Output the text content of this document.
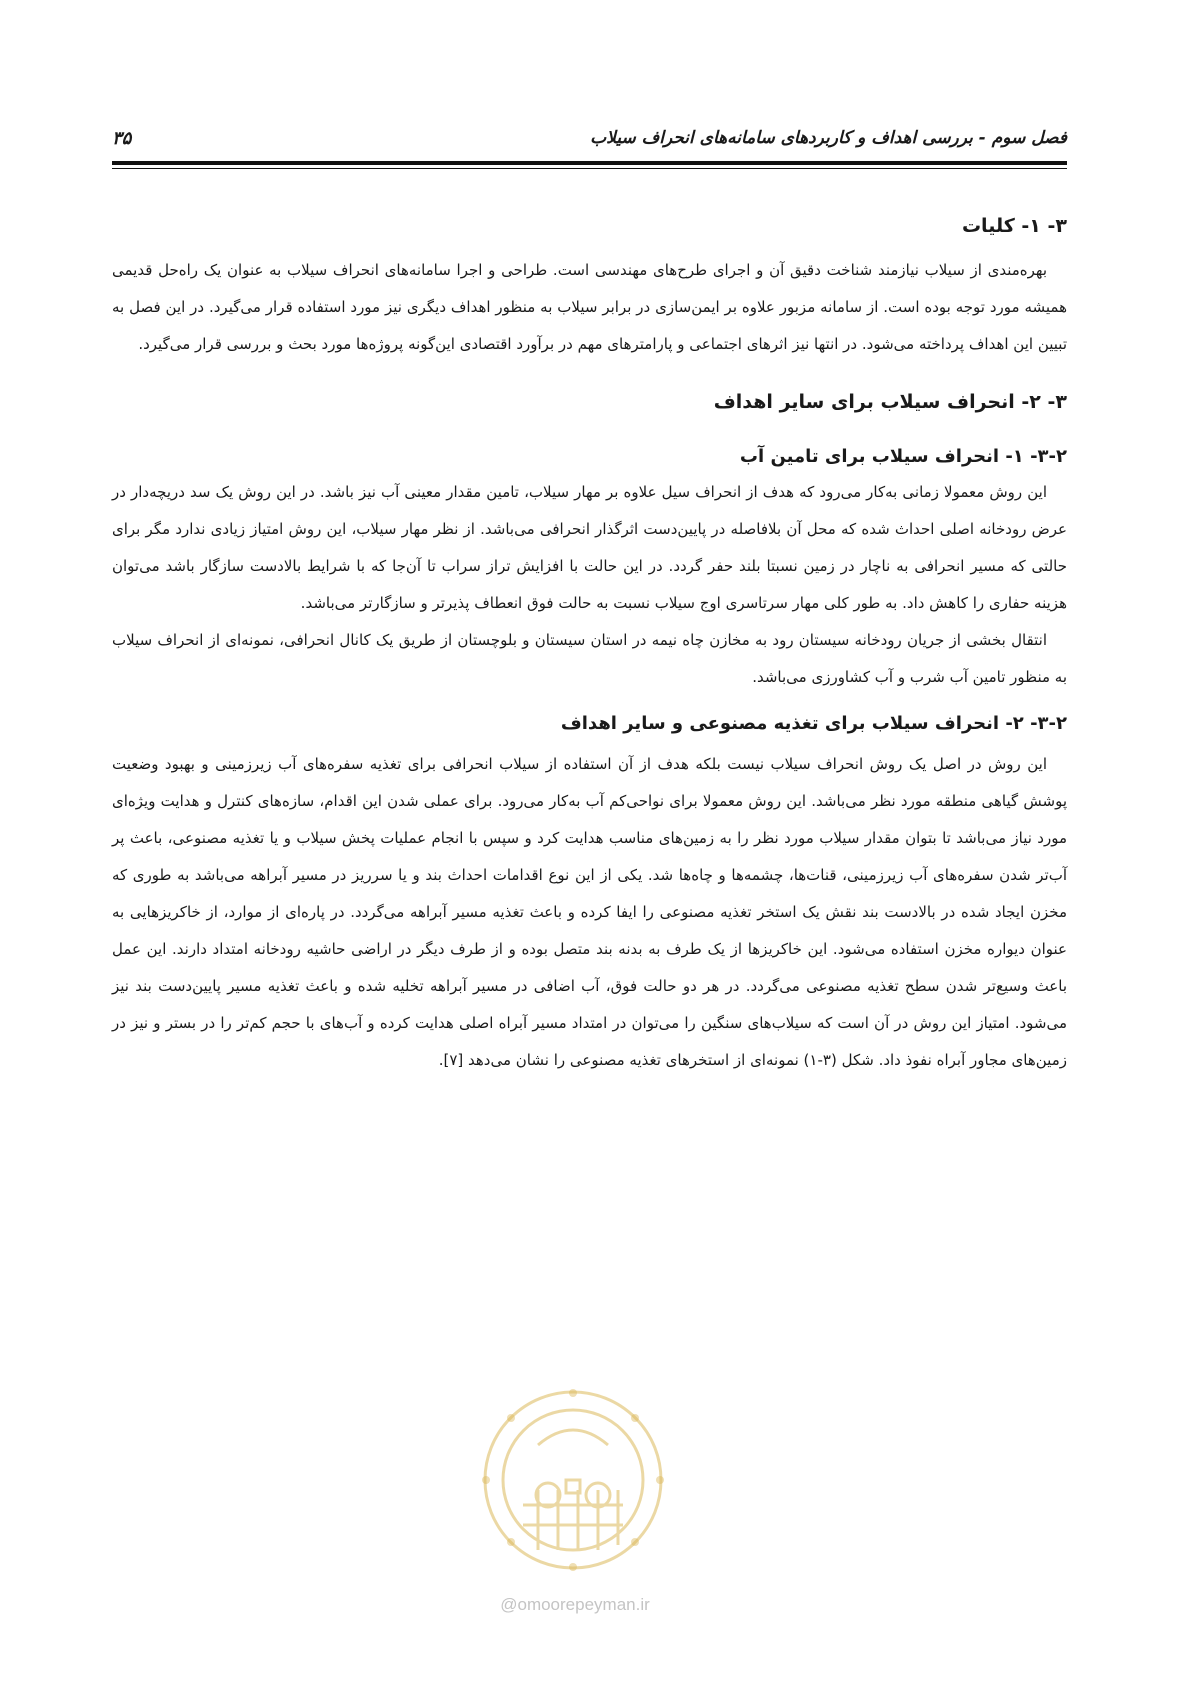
فصل سوم - بررسی اهداف و کاربردهای سامانه‌های انحراف سیلاب
۳۵
۳- ۱- کلیات

بهره‌مندی از سیلاب نیازمند شناخت دقیق آن و اجرای طرح‌های مهندسی است. طراحی و اجرا سامانه‌های انحراف سیلاب به عنوان یک راه‌حل قدیمی همیشه مورد توجه بوده است. از سامانه مزبور علاوه بر ایمن‌سازی در برابر سیلاب به منظور اهداف دیگری نیز مورد استفاده قرار می‌گیرد. در این فصل به تبیین این اهداف پرداخته می‌شود. در انتها نیز اثرهای اجتماعی و پارامترهای مهم در برآورد اقتصادی این‌گونه پروژه‌ها مورد بحث و بررسی قرار می‌گیرد.

۳- ۲- انحراف سیلاب برای سایر اهداف
۳-۲- ۱- انحراف سیلاب برای تامین آب

این روش معمولا زمانی به‌کار می‌رود که هدف از انحراف سیل علاوه بر مهار سیلاب، تامین مقدار معینی آب نیز باشد. در این روش یک سد دریچه‌دار در عرض رودخانه اصلی احداث شده که محل آن بلافاصله در پایین‌دست اثرگذار انحرافی می‌باشد. از نظر مهار سیلاب، این روش امتیاز زیادی ندارد مگر برای حالتی که مسیر انحرافی به ناچار در زمین نسبتا بلند حفر گردد. در این حالت با افزایش تراز سراب تا آن‌جا که با شرایط بالادست سازگار باشد می‌توان هزینه حفاری را کاهش داد. به طور کلی مهار سرتاسری اوج سیلاب نسبت به حالت فوق انعطاف پذیرتر و سازگارتر می‌باشد.

انتقال بخشی از جریان رودخانه سیستان رود به مخازن چاه نیمه در استان سیستان و بلوچستان از طریق یک کانال انحرافی، نمونه‌ای از انحراف سیلاب به منظور تامین آب شرب و آب کشاورزی می‌باشد.

۳-۲- ۲- انحراف سیلاب برای تغذیه مصنوعی و سایر اهداف

این روش در اصل یک روش انحراف سیلاب نیست بلکه هدف از آن استفاده از سیلاب انحرافی برای تغذیه سفره‌های آب زیرزمینی و بهبود وضعیت پوشش گیاهی منطقه مورد نظر می‌باشد. این روش معمولا برای نواحی‌کم آب به‌کار می‌رود. برای عملی شدن این اقدام، سازه‌های کنترل و هدایت ویژه‌ای مورد نیاز می‌باشد تا بتوان مقدار سیلاب مورد نظر را به زمین‌های مناسب هدایت کرد و سپس با انجام عملیات پخش سیلاب و یا تغذیه مصنوعی، باعث پر آب‌تر شدن سفره‌های آب زیرزمینی، قنات‌ها، چشمه‌ها و چاه‌ها شد. یکی از این نوع اقدامات احداث بند و یا سرریز در مسیر آبراهه می‌باشد به طوری که مخزن ایجاد شده در بالادست بند نقش یک استخر تغذیه مصنوعی را ایفا کرده و باعث تغذیه مسیر آبراهه می‌گردد. در پاره‌ای از موارد، از خاکریزهایی به عنوان دیواره مخزن استفاده می‌شود. این خاکریزها از یک طرف به بدنه بند متصل بوده و از طرف دیگر در اراضی حاشیه رودخانه امتداد دارند. این عمل باعث وسیع‌تر شدن سطح تغذیه مصنوعی می‌گردد. در هر دو حالت فوق، آب اضافی در مسیر آبراهه تخلیه شده و باعث تغذیه مسیر پایین‌دست بند نیز می‌شود. امتیاز این روش در آن است که سیلاب‌های سنگین را می‌توان در امتداد مسیر آبراه اصلی هدایت کرده و آب‌های با حجم کم‌تر را در بستر و نیز در زمین‌های مجاور آبراه نفوذ داد. شکل (۳-۱) نمونه‌ای از استخرهای تغذیه مصنوعی را نشان می‌دهد [۷].

@omoorepeyman.ir
